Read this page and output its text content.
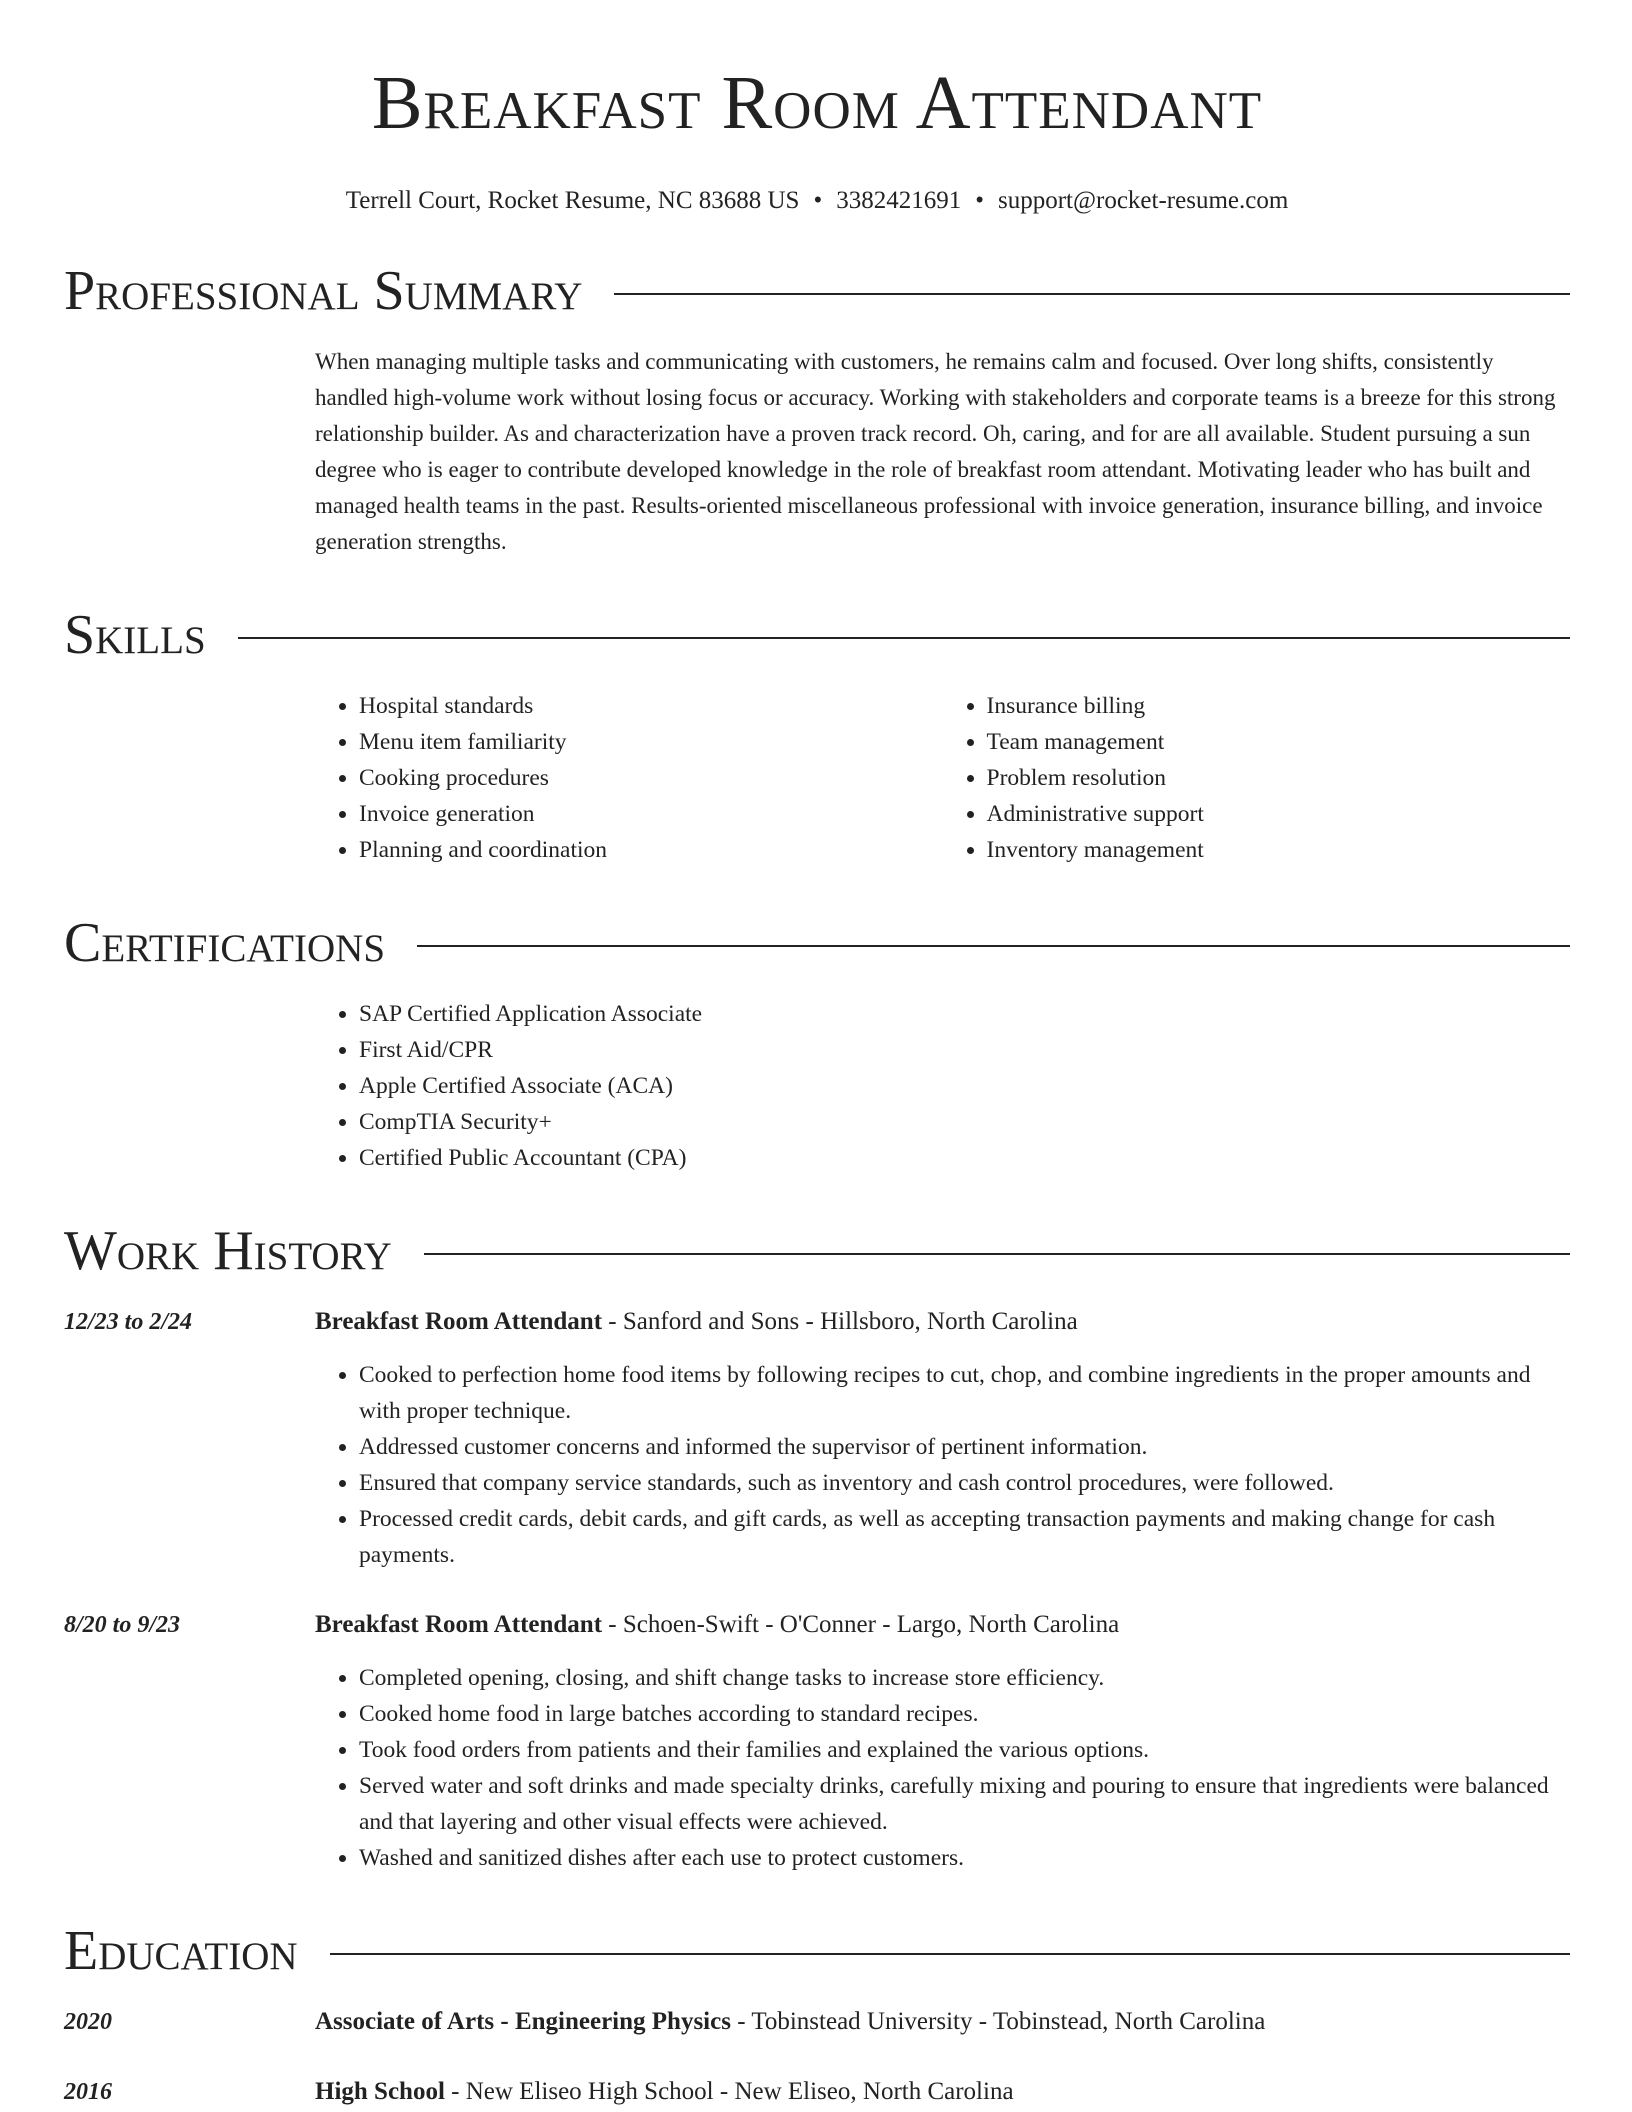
Breakfast Room Attendant
Terrell Court, Rocket Resume, NC 83688 US • 3382421691 • support@rocket-resume.com
Professional Summary
When managing multiple tasks and communicating with customers, he remains calm and focused. Over long shifts, consistently handled high-volume work without losing focus or accuracy. Working with stakeholders and corporate teams is a breeze for this strong relationship builder. As and characterization have a proven track record. Oh, caring, and for are all available. Student pursuing a sun degree who is eager to contribute developed knowledge in the role of breakfast room attendant. Motivating leader who has built and managed health teams in the past. Results-oriented miscellaneous professional with invoice generation, insurance billing, and invoice generation strengths.
Skills
• Hospital standards
• Menu item familiarity
• Cooking procedures
• Invoice generation
• Planning and coordination
• Insurance billing
• Team management
• Problem resolution
• Administrative support
• Inventory management
Certifications
• SAP Certified Application Associate
• First Aid/CPR
• Apple Certified Associate (ACA)
• CompTIA Security+
• Certified Public Accountant (CPA)
Work History
12/23 to 2/24	Breakfast Room Attendant - Sanford and Sons - Hillsboro, North Carolina
• Cooked to perfection home food items by following recipes to cut, chop, and combine ingredients in the proper amounts and with proper technique.
• Addressed customer concerns and informed the supervisor of pertinent information.
• Ensured that company service standards, such as inventory and cash control procedures, were followed.
• Processed credit cards, debit cards, and gift cards, as well as accepting transaction payments and making change for cash payments.
8/20 to 9/23	Breakfast Room Attendant - Schoen-Swift - O'Conner - Largo, North Carolina
• Completed opening, closing, and shift change tasks to increase store efficiency.
• Cooked home food in large batches according to standard recipes.
• Took food orders from patients and their families and explained the various options.
• Served water and soft drinks and made specialty drinks, carefully mixing and pouring to ensure that ingredients were balanced and that layering and other visual effects were achieved.
• Washed and sanitized dishes after each use to protect customers.
Education
2020	Associate of Arts - Engineering Physics - Tobinstead University - Tobinstead, North Carolina
2016	High School - New Eliseo High School - New Eliseo, North Carolina
